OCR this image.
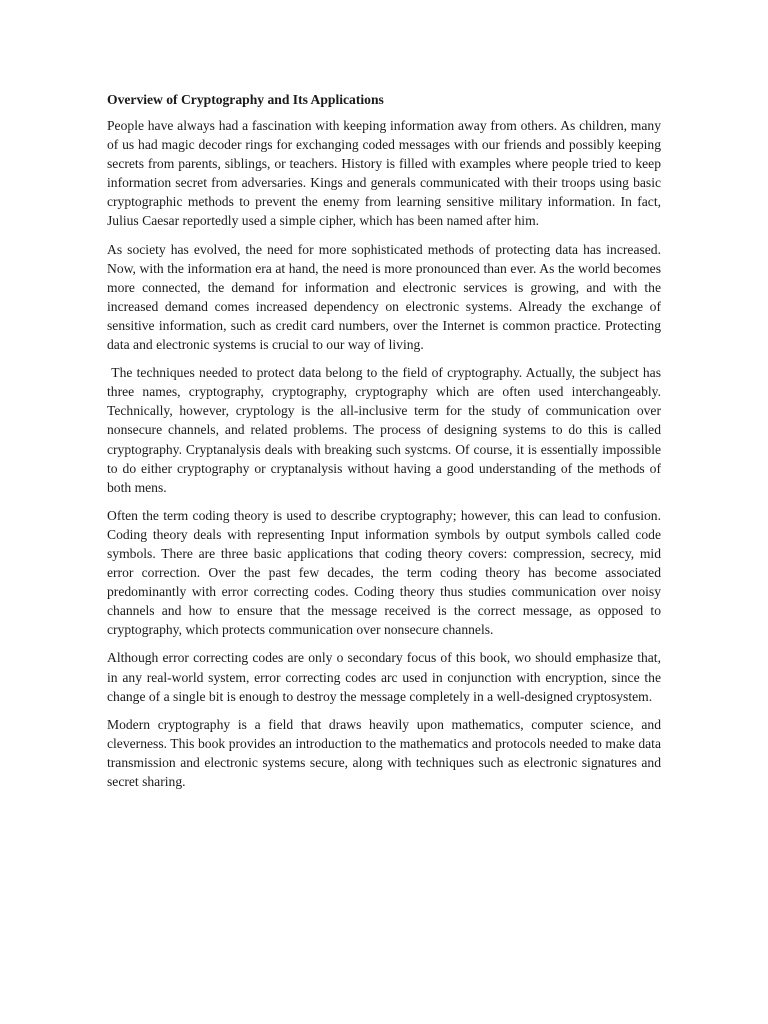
Overview of Cryptography and Its Applications

People have always had a fascination with keeping information away from others. As children, many of us had magic decoder rings for exchanging coded messages with our friends and possibly keeping secrets from parents, siblings, or teachers. History is filled with examples where people tried to keep information secret from adversaries. Kings and generals communicated with their troops using basic cryptographic methods to prevent the enemy from learning sensitive military information. In fact, Julius Caesar reportedly used a simple cipher, which has been named after him.

As society has evolved, the need for more sophisticated methods of protecting data has increased. Now, with the information era at hand, the need is more pronounced than ever. As the world becomes more connected, the demand for information and electronic services is growing, and with the increased demand comes increased dependency on electronic systems. Already the exchange of sensitive information, such as credit card numbers, over the Internet is common practice. Protecting data and electronic systems is crucial to our way of living.

The techniques needed to protect data belong to the field of cryptography. Actually, the subject has three names, cryptography, cryptography, cryptography which are often used interchangeably. Technically, however, cryptology is the all-inclusive term for the study of communication over nonsecure channels, and related problems. The process of designing systems to do this is called cryptography. Cryptanalysis deals with breaking such systcms. Of course, it is essentially impossible to do either cryptography or cryptanalysis without having a good understanding of the methods of both mens.

Often the term coding theory is used to describe cryptography; however, this can lead to confusion. Coding theory deals with representing Input information symbols by output symbols called code symbols. There are three basic applications that coding theory covers: compression, secrecy, mid error correction. Over the past few decades, the term coding theory has become associated predominantly with error correcting codes. Coding theory thus studies communication over noisy channels and how to ensure that the message received is the correct message, as opposed to cryptography, which protects communication over nonsecure channels.

Although error correcting codes are only o secondary focus of this book, wo should emphasize that, in any real-world system, error correcting codes arc used in conjunction with encryption, since the change of a single bit is enough to destroy the message completely in a well-designed cryptosystem.

Modern cryptography is a field that draws heavily upon mathematics, computer science, and cleverness. This book provides an introduction to the mathematics and protocols needed to make data transmission and electronic systems secure, along with techniques such as electronic signatures and secret sharing.
